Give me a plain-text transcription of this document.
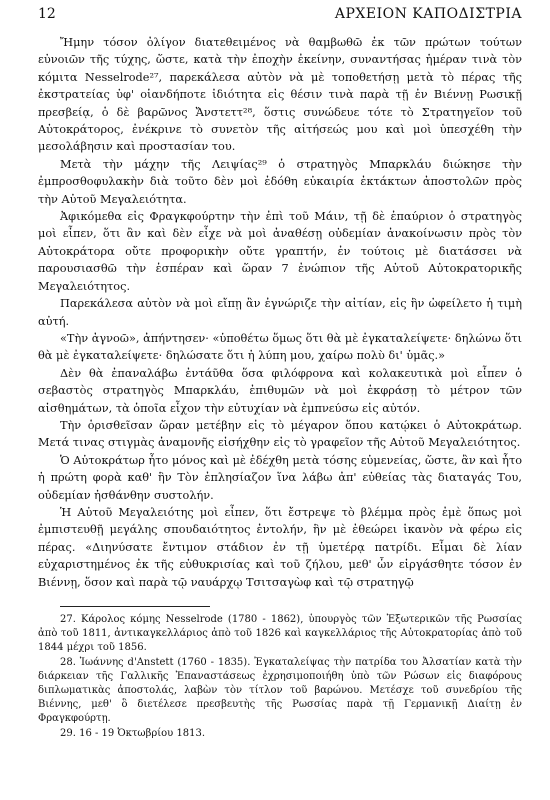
12	ΑΡΧΕΙΟΝ ΚΑΠΟΔΙΣΤΡΙΑ

Ἤμην τόσον ὀλίγον διατεθειμένος νὰ θαμβωθῶ ἐκ τῶν πρώτων τούτων εὐνοιῶν τῆς τύχης, ὥστε, κατὰ τὴν ἐποχὴν ἐκείνην, συναντήσας ἡμέραν τινὰ τὸν κόμιτα Nesselrode²⁷, παρεκάλεσα αὐτὸν νὰ μὲ τοποθετήσῃ μετὰ τὸ πέρας τῆς ἐκστρατείας ὑφ' οἱανδήποτε ἰδιότητα εἰς θέσιν τινὰ παρὰ τῇ ἐν Βιέννῃ Ρωσικῇ πρεσβείᾳ, ὁ δὲ βαρῶνος Ἄνστεττ²⁸, ὅστις συνώδευε τότε τὸ Στρατηγεῖον τοῦ Αὐτοκράτορος, ἐνέκρινε τὸ συνετὸν τῆς αἰτήσεώς μου καὶ μοὶ ὑπεσχέθη τὴν μεσολάβησιν καὶ προστασίαν του.

Μετὰ τὴν μάχην τῆς Λειψίας²⁹ ὁ στρατηγὸς Μπαρκλάυ διώκησε τὴν ἐμπροσθοφυλακὴν διὰ τοῦτο δὲν μοὶ ἐδόθη εὐκαιρία ἐκτάκτων ἀποστολῶν πρὸς τὴν Αὐτοῦ Μεγαλειότητα.

Ἀφικόμεθα εἰς Φραγκφούρτην τὴν ἐπὶ τοῦ Μάιν, τῇ δὲ ἐπαύριον ὁ στρατηγὸς μοὶ εἶπεν, ὅτι ἂν καὶ δὲν εἶχε νὰ μοὶ ἀναθέσῃ οὐδεμίαν ἀνακοίνωσιν πρὸς τὸν Αὐτοκράτορα οὔτε προφορικὴν οὔτε γραπτήν, ἐν τούτοις μὲ διατάσσει νὰ παρουσιασθῶ τὴν ἑσπέραν καὶ ὥραν 7 ἐνώπιον τῆς Αὐτοῦ Αὐτοκρατορικῆς Μεγαλειότητος.

Παρεκάλεσα αὐτὸν νὰ μοὶ εἴπῃ ἂν ἐγνώριζε τὴν αἰτίαν, εἰς ἣν ὠφείλετο ἡ τιμὴ αὐτή.

«Τὴν ἀγνοῶ», ἀπήντησεν· «ὑποθέτω ὅμως ὅτι θὰ μὲ ἐγκαταλείψετε· δηλώνω ὅτι θὰ μὲ ἐγκαταλείψετε· δηλώσατε ὅτι ἡ λύπη μου, χαίρω πολὺ δι' ὑμᾶς.»

Δὲν θὰ ἐπαναλάβω ἐντάῦθα ὅσα φιλόφρονα καὶ κολακευτικὰ μοὶ εἶπεν ὁ σεβαστὸς στρατηγὸς Μπαρκλάυ, ἐπιθυμῶν νὰ μοὶ ἐκφράσῃ τὸ μέτρον τῶν αἰσθημάτων, τὰ ὁποῖα εἶχον τὴν εὐτυχίαν νὰ ἐμπνεύσω εἰς αὐτόν.

Τὴν ὁρισθεῖσαν ὥραν μετέβην εἰς τὸ μέγαρον ὅπου κατῴκει ὁ Αὐτοκράτωρ. Μετά τινας στιγμὰς ἀναμονῆς εἰσήχθην εἰς τὸ γραφεῖον τῆς Αὐτοῦ Μεγαλειότητος.

Ὁ Αὐτοκράτωρ ἦτο μόνος καὶ μὲ ἐδέχθη μετὰ τόσης εὐμενείας, ὥστε, ἂν καὶ ἦτο ἡ πρώτη φορὰ καθ' ἣν Τὸν ἐπλησίαζον ἵνα λάβω ἀπ' εὐθείας τὰς διαταγάς Του, οὐδεμίαν ἠσθάνθην συστολήν.

Ἡ Αὐτοῦ Μεγαλειότης μοὶ εἶπεν, ὅτι ἔστρεψε τὸ βλέμμα πρὸς ἐμὲ ὅπως μοὶ ἐμπιστευθῇ μεγάλης σπουδαιότητος ἐντολήν, ἣν μὲ ἐθεώρει ἱκανὸν νὰ φέρω εἰς πέρας. «Διηνύσατε ἔντιμον στάδιον ἐν τῇ ὑμετέρᾳ πατρίδι. Εἶμαι δὲ λίαν εὐχαριστημένος ἐκ τῆς εὐθυκρισίας καὶ τοῦ ζήλου, μεθ' ὧν εἰργάσθητε τόσον ἐν Βιέννῃ, ὅσον καὶ παρὰ τῷ ναυάρχῳ Τσιτσαγὼφ καὶ τῷ στρατηγῷ

27. Κάρολος κόμης Nesselrode (1780 - 1862), ὑπουργὸς τῶν Ἐξωτερικῶν τῆς Ρωσσίας ἀπὸ τοῦ 1811, ἀντικαγκελλάριος ἀπὸ τοῦ 1826 καὶ καγκελλάριος τῆς Αὐτοκρατορίας ἀπὸ τοῦ 1844 μέχρι τοῦ 1856.

28. Ἰωάννης d'Anstett (1760 - 1835). Ἐγκαταλείψας τὴν πατρίδα του Ἀλσατίαν κατὰ τὴν διάρκειαν τῆς Γαλλικῆς Ἐπαναστάσεως ἐχρησιμοποιήθη ὑπὸ τῶν Ρώσων εἰς διαφόρους διπλωματικὰς ἀποστολάς, λαβὼν τὸν τίτλον τοῦ βαρώνου. Μετέσχε τοῦ συνεδρίου τῆς Βιέννης, μεθ' ὃ διετέλεσε πρεσβευτὴς τῆς Ρωσσίας παρὰ τῇ Γερμανικῇ Διαίτῃ ἐν Φραγκφούρτῃ.

29. 16 - 19 Ὀκτωβρίου 1813.
